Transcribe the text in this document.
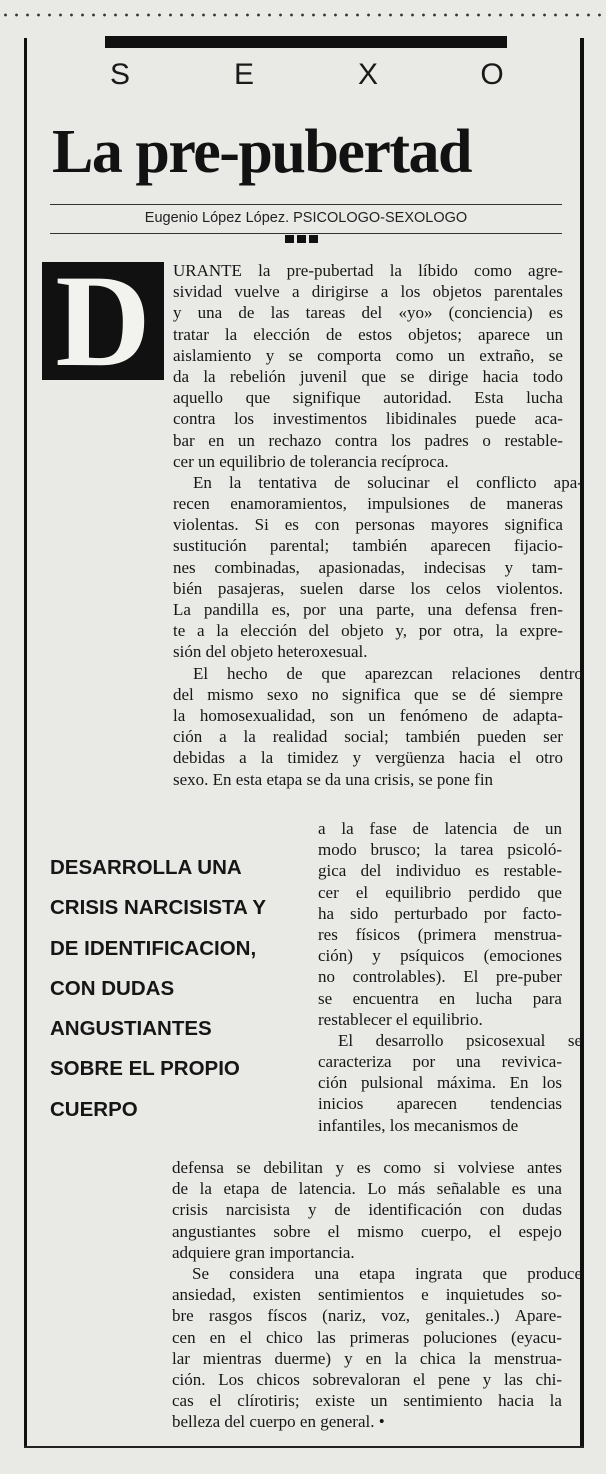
S	E	X	O
La pre-pubertad
Eugenio López López. PSICOLOGO-SEXOLOGO
D	URANTE la pre-pubertad la líbido como agre-
sividad vuelve a dirigirse a los objetos parentales
y una de las tareas del «yo» (conciencia) es
tratar la elección de estos objetos; aparece un
aislamiento y se comporta como un extraño, se
da la rebelión juvenil que se dirige hacia todo
aquello que signifique autoridad. Esta lucha
contra los investimentos libidinales puede aca-
bar en un rechazo contra los padres o restable-
cer un equilibrio de tolerancia recíproca.
En la tentativa de solucinar el conflicto apa-
recen enamoramientos, impulsiones de maneras
violentas. Si es con personas mayores significa
sustitución parental; también aparecen fijacio-
nes combinadas, apasionadas, indecisas y tam-
bién pasajeras, suelen darse los celos violentos.
La pandilla es, por una parte, una defensa fren-
te a la elección del objeto y, por otra, la expre-
sión del objeto heteroxesual.
El hecho de que aparezcan relaciones dentro
del mismo sexo no significa que se dé siempre
la homosexualidad, son un fenómeno de adapta-
ción a la realidad social; también pueden ser
debidas a la timidez y vergüenza hacia el otro
sexo. En esta etapa se da una crisis, se pone fin
a la fase de latencia de un
modo brusco; la tarea psicoló-
gica del individuo es restable-
cer el equilibrio perdido que
ha sido perturbado por facto-
res físicos (primera menstrua-
ción) y psíquicos (emociones
no controlables). El pre-puber
se encuentra en lucha para
restablecer el equilibrio.
El desarrollo psicosexual se
caracteriza por una revivica-
ción pulsional máxima. En los
inicios aparecen tendencias
infantiles, los mecanismos de
defensa se debilitan y es como si volviese antes
de la etapa de latencia. Lo más señalable es una
crisis narcisista y de identificación con dudas
angustiantes sobre el mismo cuerpo, el espejo
adquiere gran importancia.
Se considera una etapa ingrata que produce
ansiedad, existen sentimientos e inquietudes so-
bre rasgos físcos (nariz, voz, genitales..) Apare-
cen en el chico las primeras poluciones (eyacu-
lar mientras duerme) y en la chica la menstrua-
ción. Los chicos sobrevaloran el pene y las chi-
cas el clírotiris; existe un sentimiento hacia la
belleza del cuerpo en general. •
DESARROLLA UNA
CRISIS NARCISISTA Y
DE IDENTIFICACION,
CON DUDAS
ANGUSTIANTES
SOBRE EL PROPIO
CUERPO
